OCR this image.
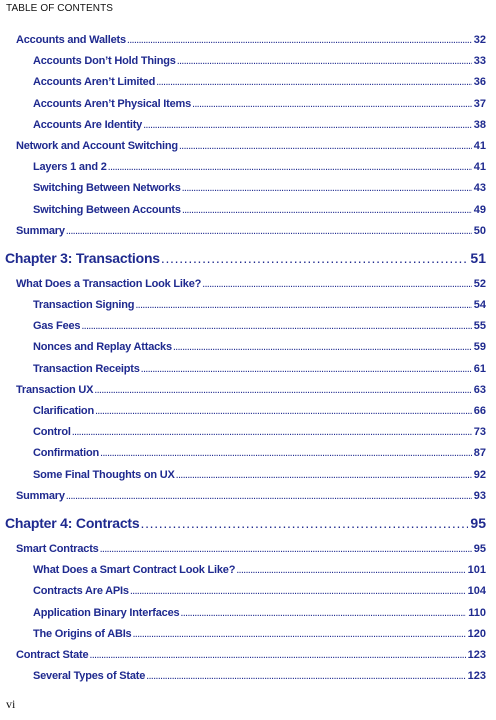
TABLE OF CONTENTS
Accounts and Wallets . . .	32
Accounts Don’t Hold Things . . .	33
Accounts Aren’t Limited . . .	36
Accounts Aren’t Physical Items . . .	37
Accounts Are Identity . . .	38
Network and Account Switching . . .	41
Layers 1 and 2 . . .	41
Switching Between Networks . . .	43
Switching Between Accounts . . .	49
Summary . . .	50
Chapter 3: Transactions . . .	51
What Does a Transaction Look Like? . . .	52
Transaction Signing . . .	54
Gas Fees . . .	55
Nonces and Replay Attacks . . .	59
Transaction Receipts . . .	61
Transaction UX . . .	63
Clarification . . .	66
Control . . .	73
Confirmation . . .	87
Some Final Thoughts on UX . . .	92
Summary . . .	93
Chapter 4: Contracts . . .	95
Smart Contracts . . .	95
What Does a Smart Contract Look Like? . . .	101
Contracts Are APIs . . .	104
Application Binary Interfaces . . .	110
The Origins of ABIs . . .	120
Contract State . . .	123
Several Types of State . . .	123
vi
